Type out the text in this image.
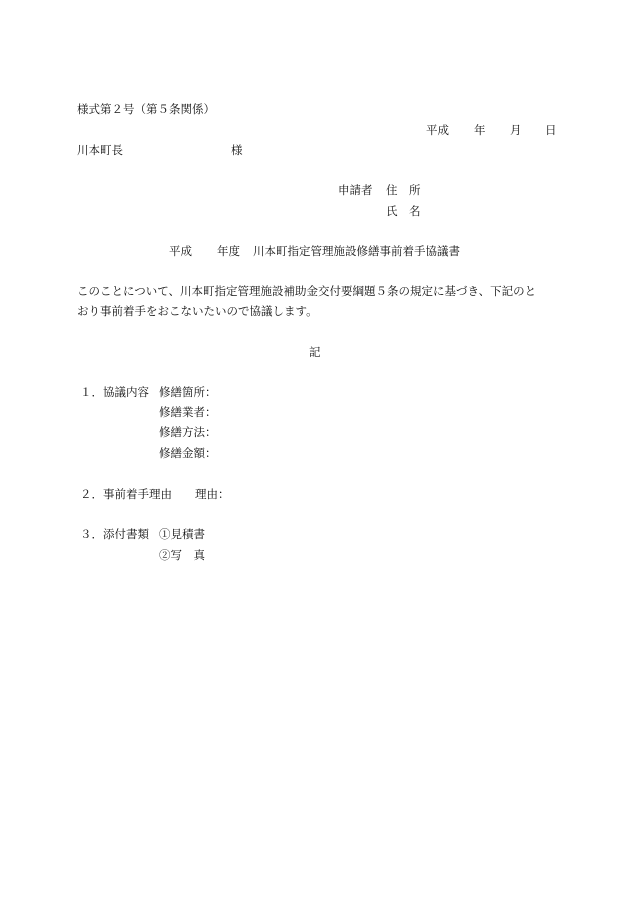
様式第２号（第５条関係）

平成 年 月 日

川本町長	様

申請者 住　所

氏　名

平成 年度 川本町指定管理施設修繕事前着手協議書

このことについて、川本町指定管理施設補助金交付要綱題５条の規定に基づき、下記のと

おり事前着手をおこないたいので協議します。

記

１．協議内容 修繕箇所：

修繕業者：

修繕方法：

修繕金額：

２．事前着手理由 理由：

３．添付書類 ①見積書

②写　真
